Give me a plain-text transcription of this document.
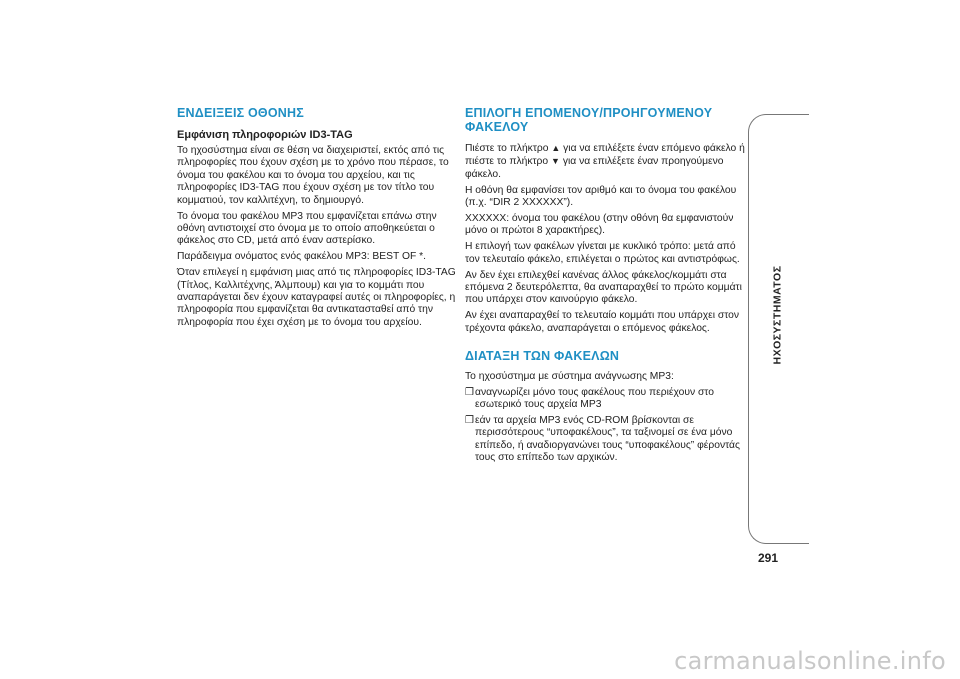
ΕΝΔΕΙΞΕΙΣ ΟΘΟΝΗΣ
Εμφάνιση πληροφοριών ID3-TAG

Το ηχοσύστημα είναι σε θέση να διαχειριστεί, εκτός από τις πληροφορίες που έχουν σχέση με το χρόνο που πέρασε, το όνομα του φακέλου και το όνομα του αρχείου, και τις πληροφορίες ID3-TAG που έχουν σχέση με τον τίτλο του κομματιού, τον καλλιτέχνη, το δημιουργό.

Το όνομα του φακέλου MP3 που εμφανίζεται επάνω στην οθόνη αντιστοιχεί στο όνομα με το οποίο αποθηκεύεται ο φάκελος στο CD, μετά από έναν αστερίσκο.

Παράδειγμα ονόματος ενός φακέλου MP3: BEST OF *.

Όταν επιλεγεί η εμφάνιση μιας από τις πληροφορίες ID3-TAG (Τίτλος, Καλλιτέχνης, Άλμπουμ) και για το κομμάτι που αναπαράγεται δεν έχουν καταγραφεί αυτές οι πληροφορίες, η πληροφορία που εμφανίζεται θα αντικατασταθεί από την πληροφορία που έχει σχέση με το όνομα του αρχείου.

ΕΠΙΛΟΓΗ ΕΠΟΜΕΝΟΥ/ΠΡΟΗΓΟΥΜΕΝΟΥ ΦΑΚΕΛΟΥ

Πιέστε το πλήκτρο ▲ για να επιλέξετε έναν επόμενο φάκελο ή πιέστε το πλήκτρο ▼ για να επιλέξετε έναν προηγούμενο φάκελο.

Η οθόνη θα εμφανίσει τον αριθμό και το όνομα του φακέλου (π.χ. “DIR 2 XXXXXX”).

XXXXXX: όνομα του φακέλου (στην οθόνη θα εμφανιστούν μόνο οι πρώτοι 8 χαρακτήρες).

Η επιλογή των φακέλων γίνεται με κυκλικό τρόπο: μετά από τον τελευταίο φάκελο, επιλέγεται ο πρώτος και αντιστρόφως.

Αν δεν έχει επιλεχθεί κανένας άλλος φάκελος/κομμάτι στα επόμενα 2 δευτερόλεπτα, θα αναπαραχθεί το πρώτο κομμάτι που υπάρχει στον καινούργιο φάκελο.

Αν έχει αναπαραχθεί το τελευταίο κομμάτι που υπάρχει στον τρέχοντα φάκελο, αναπαράγεται ο επόμενος φάκελος.

ΔΙΑΤΑΞΗ ΤΩΝ ΦΑΚΕΛΩΝ

Το ηχοσύστημα με σύστημα ανάγνωσης MP3:

❒ αναγνωρίζει μόνο τους φακέλους που περιέχουν στο εσωτερικό τους αρχεία MP3
❒ εάν τα αρχεία MP3 ενός CD-ROM βρίσκονται σε περισσότερους “υποφακέλους”, τα ταξινομεί σε ένα μόνο επίπεδο, ή αναδιοργανώνει τους “υποφακέλους” φέροντάς τους στο επίπεδο των αρχικών.
ΗΧΟΣΥΣΤΗΜΑΤΟΣ
291
carmanualsonline.info
